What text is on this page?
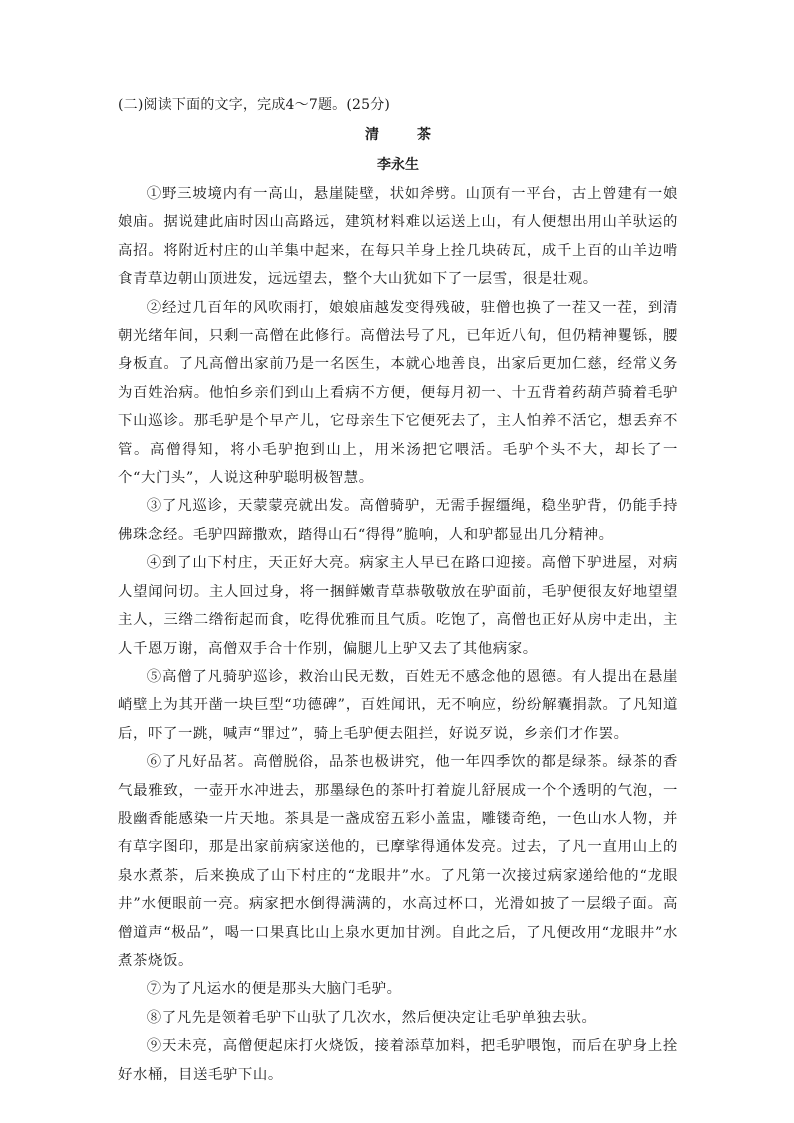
(二)阅读下面的文字，完成4～7题。(25分)

清　茶

李永生

①野三坡境内有一高山，悬崖陡壁，状如斧劈。山顶有一平台，古上曾建有一娘娘庙。据说建此庙时因山高路远，建筑材料难以运送上山，有人便想出用山羊驮运的高招。将附近村庄的山羊集中起来，在每只羊身上拴几块砖瓦，成千上百的山羊边啃食青草边朝山顶进发，远远望去，整个大山犹如下了一层雪，很是壮观。

②经过几百年的风吹雨打，娘娘庙越发变得残破，驻僧也换了一茬又一茬，到清朝光绪年间，只剩一高僧在此修行。高僧法号了凡，已年近八旬，但仍精神矍铄，腰身板直。了凡高僧出家前乃是一名医生，本就心地善良，出家后更加仁慈，经常义务为百姓治病。他怕乡亲们到山上看病不方便，便每月初一、十五背着药葫芦骑着毛驴下山巡诊。那毛驴是个早产儿，它母亲生下它便死去了，主人怕养不活它，想丢弃不管。高僧得知，将小毛驴抱到山上，用米汤把它喂活。毛驴个头不大，却长了一个“大门头”，人说这种驴聪明极智慧。

③了凡巡诊，天蒙蒙亮就出发。高僧骑驴，无需手握缰绳，稳坐驴背，仍能手持佛珠念经。毛驴四蹄撒欢，踏得山石“得得”脆响，人和驴都显出几分精神。

④到了山下村庄，天正好大亮。病家主人早已在路口迎接。高僧下驴进屋，对病人望闻问切。主人回过身，将一捆鲜嫩青草恭敬敬放在驴面前，毛驴便很友好地望望主人，三绺二绺衔起而食，吃得优雅而且气质。吃饱了，高僧也正好从房中走出，主人千恩万谢，高僧双手合十作别，偏腿儿上驴又去了其他病家。

⑤高僧了凡骑驴巡诊，救治山民无数，百姓无不感念他的恩德。有人提出在悬崖峭壁上为其开凿一块巨型“功德碑”，百姓闻讯，无不响应，纷纷解囊捐款。了凡知道后，吓了一跳，喊声“罪过”，骑上毛驴便去阻拦，好说歹说，乡亲们才作罢。

⑥了凡好品茗。高僧脱俗，品茶也极讲究，他一年四季饮的都是绿茶。绿茶的香气最雅致，一壶开水冲进去，那墨绿色的茶叶打着旋儿舒展成一个个透明的气泡，一股幽香能感染一片天地。茶具是一盏成窑五彩小盖盅，雕镂奇绝，一色山水人物，并有草字图印，那是出家前病家送他的，已摩挲得通体发亮。过去，了凡一直用山上的泉水煮茶，后来换成了山下村庄的“龙眼井”水。了凡第一次接过病家递给他的“龙眼井”水便眼前一亮。病家把水倒得满满的，水高过杯口，光滑如披了一层缎子面。高僧道声“极品”，喝一口果真比山上泉水更加甘洌。自此之后，了凡便改用“龙眼井”水煮茶烧饭。

⑦为了凡运水的便是那头大脑门毛驴。

⑧了凡先是领着毛驴下山驮了几次水，然后便决定让毛驴单独去驮。

⑨天未亮，高僧便起床打火烧饭，接着添草加料，把毛驴喂饱，而后在驴身上拴好水桶，目送毛驴下山。
